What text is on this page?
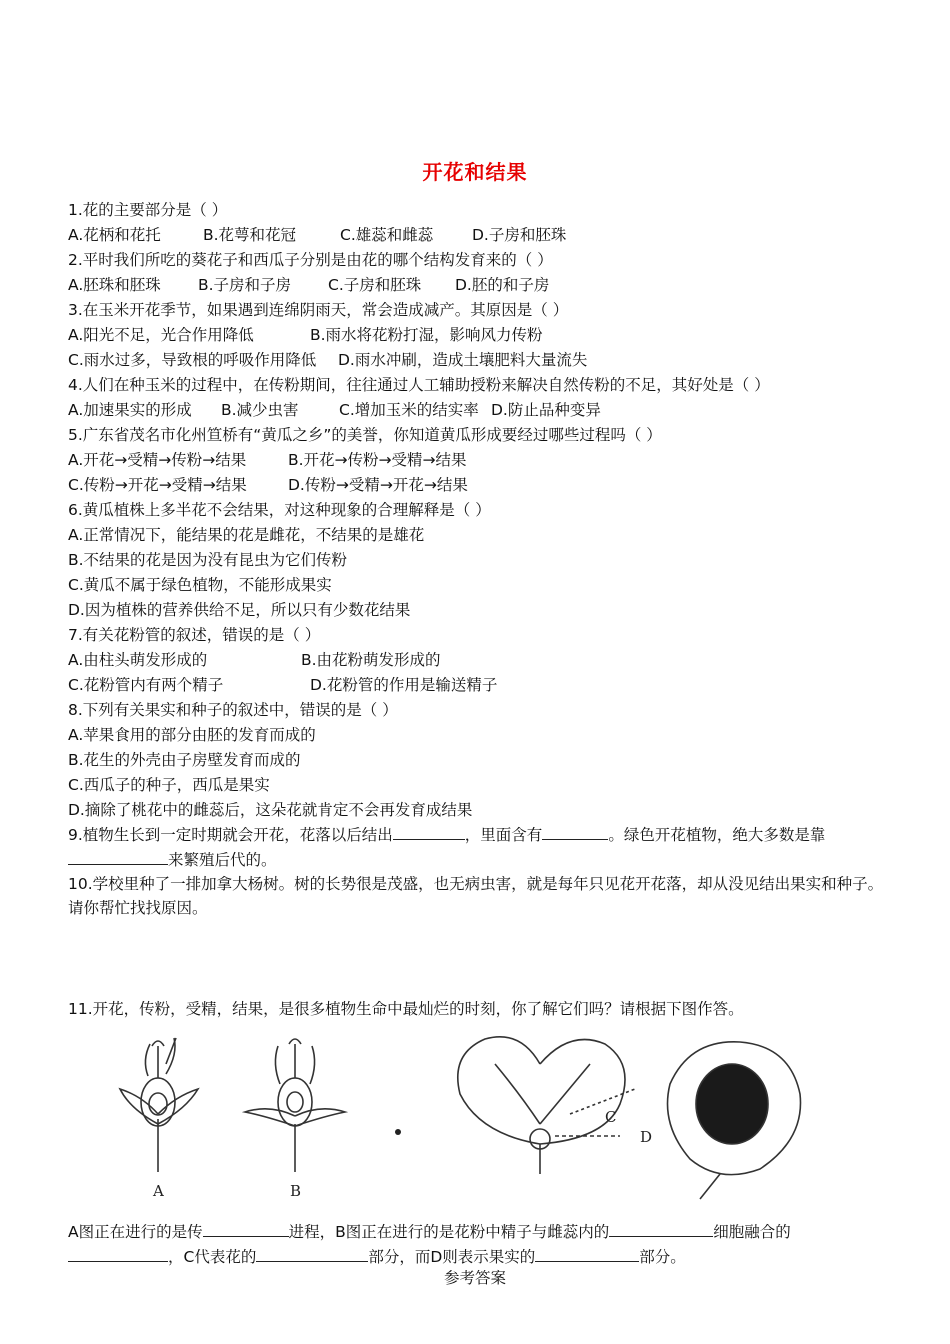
开花和结果
1.花的主要部分是（ ）
A.花柄和花托	B.花萼和花冠	C.雄蕊和雌蕊 D.子房和胚珠
2.平时我们所吃的葵花子和西瓜子分别是由花的哪个结构发育来的（ ）
A.胚珠和胚珠 B.子房和子房 C.子房和胚珠 D.胚的和子房
3.在玉米开花季节，如果遇到连绵阴雨天，常会造成减产。其原因是（ ）
A.阳光不足，光合作用降低	B.雨水将花粉打湿，影响风力传粉
C.雨水过多，导致根的呼吸作用降低 D.雨水冲刷，造成土壤肥料大量流失
4.人们在种玉米的过程中，在传粉期间，往往通过人工辅助授粉来解决自然传粉的不足，其好处是（ ）
A.加速果实的形成 B.减少虫害	C.增加玉米的结实率 D.防止品种变异
5.广东省茂名市化州笪桥有“黄瓜之乡”的美誉，你知道黄瓜形成要经过哪些过程吗（ ）
A.开花→受精→传粉→结果	B.开花→传粉→受精→结果
C.传粉→开花→受精→结果	D.传粉→受精→开花→结果
6.黄瓜植株上多半花不会结果，对这种现象的合理解释是（ ）
A.正常情况下，能结果的花是雌花，不结果的是雄花
B.不结果的花是因为没有昆虫为它们传粉
C.黄瓜不属于绿色植物，不能形成果实
D.因为植株的营养供给不足，所以只有少数花结果
7.有关花粉管的叙述，错误的是（ ）
A.由柱头萌发形成的	B.由花粉萌发形成的
C.花粉管内有两个精子	D.花粉管的作用是输送精子
8.下列有关果实和种子的叙述中，错误的是（ ）
A.苹果食用的部分由胚的发育而成的
B.花生的外壳由子房壁发育而成的
C.西瓜子的种子，西瓜是果实
D.摘除了桃花中的雌蕊后，这朵花就肯定不会再发育成结果
9.植物生长到一定时期就会开花，花落以后结出	，里面含有	。绿色开花植物，绝大多数是靠
来繁殖后代的。
10.学校里种了一排加拿大杨树。树的长势很是茂盛，也无病虫害，就是每年只见花开花落，却从没见结出果实和种子。请你帮忙找找原因。
11.开花，传粉，受精，结果，是很多植物生命中最灿烂的时刻，你了解它们吗？请根据下图作答。
A	B
C
D
A图正在进行的是传	进程，B图正在进行的是花粉中精子与雌蕊内的	细胞融合的
，C代表花的	部分，而D则表示果实的	部分。
参考答案
